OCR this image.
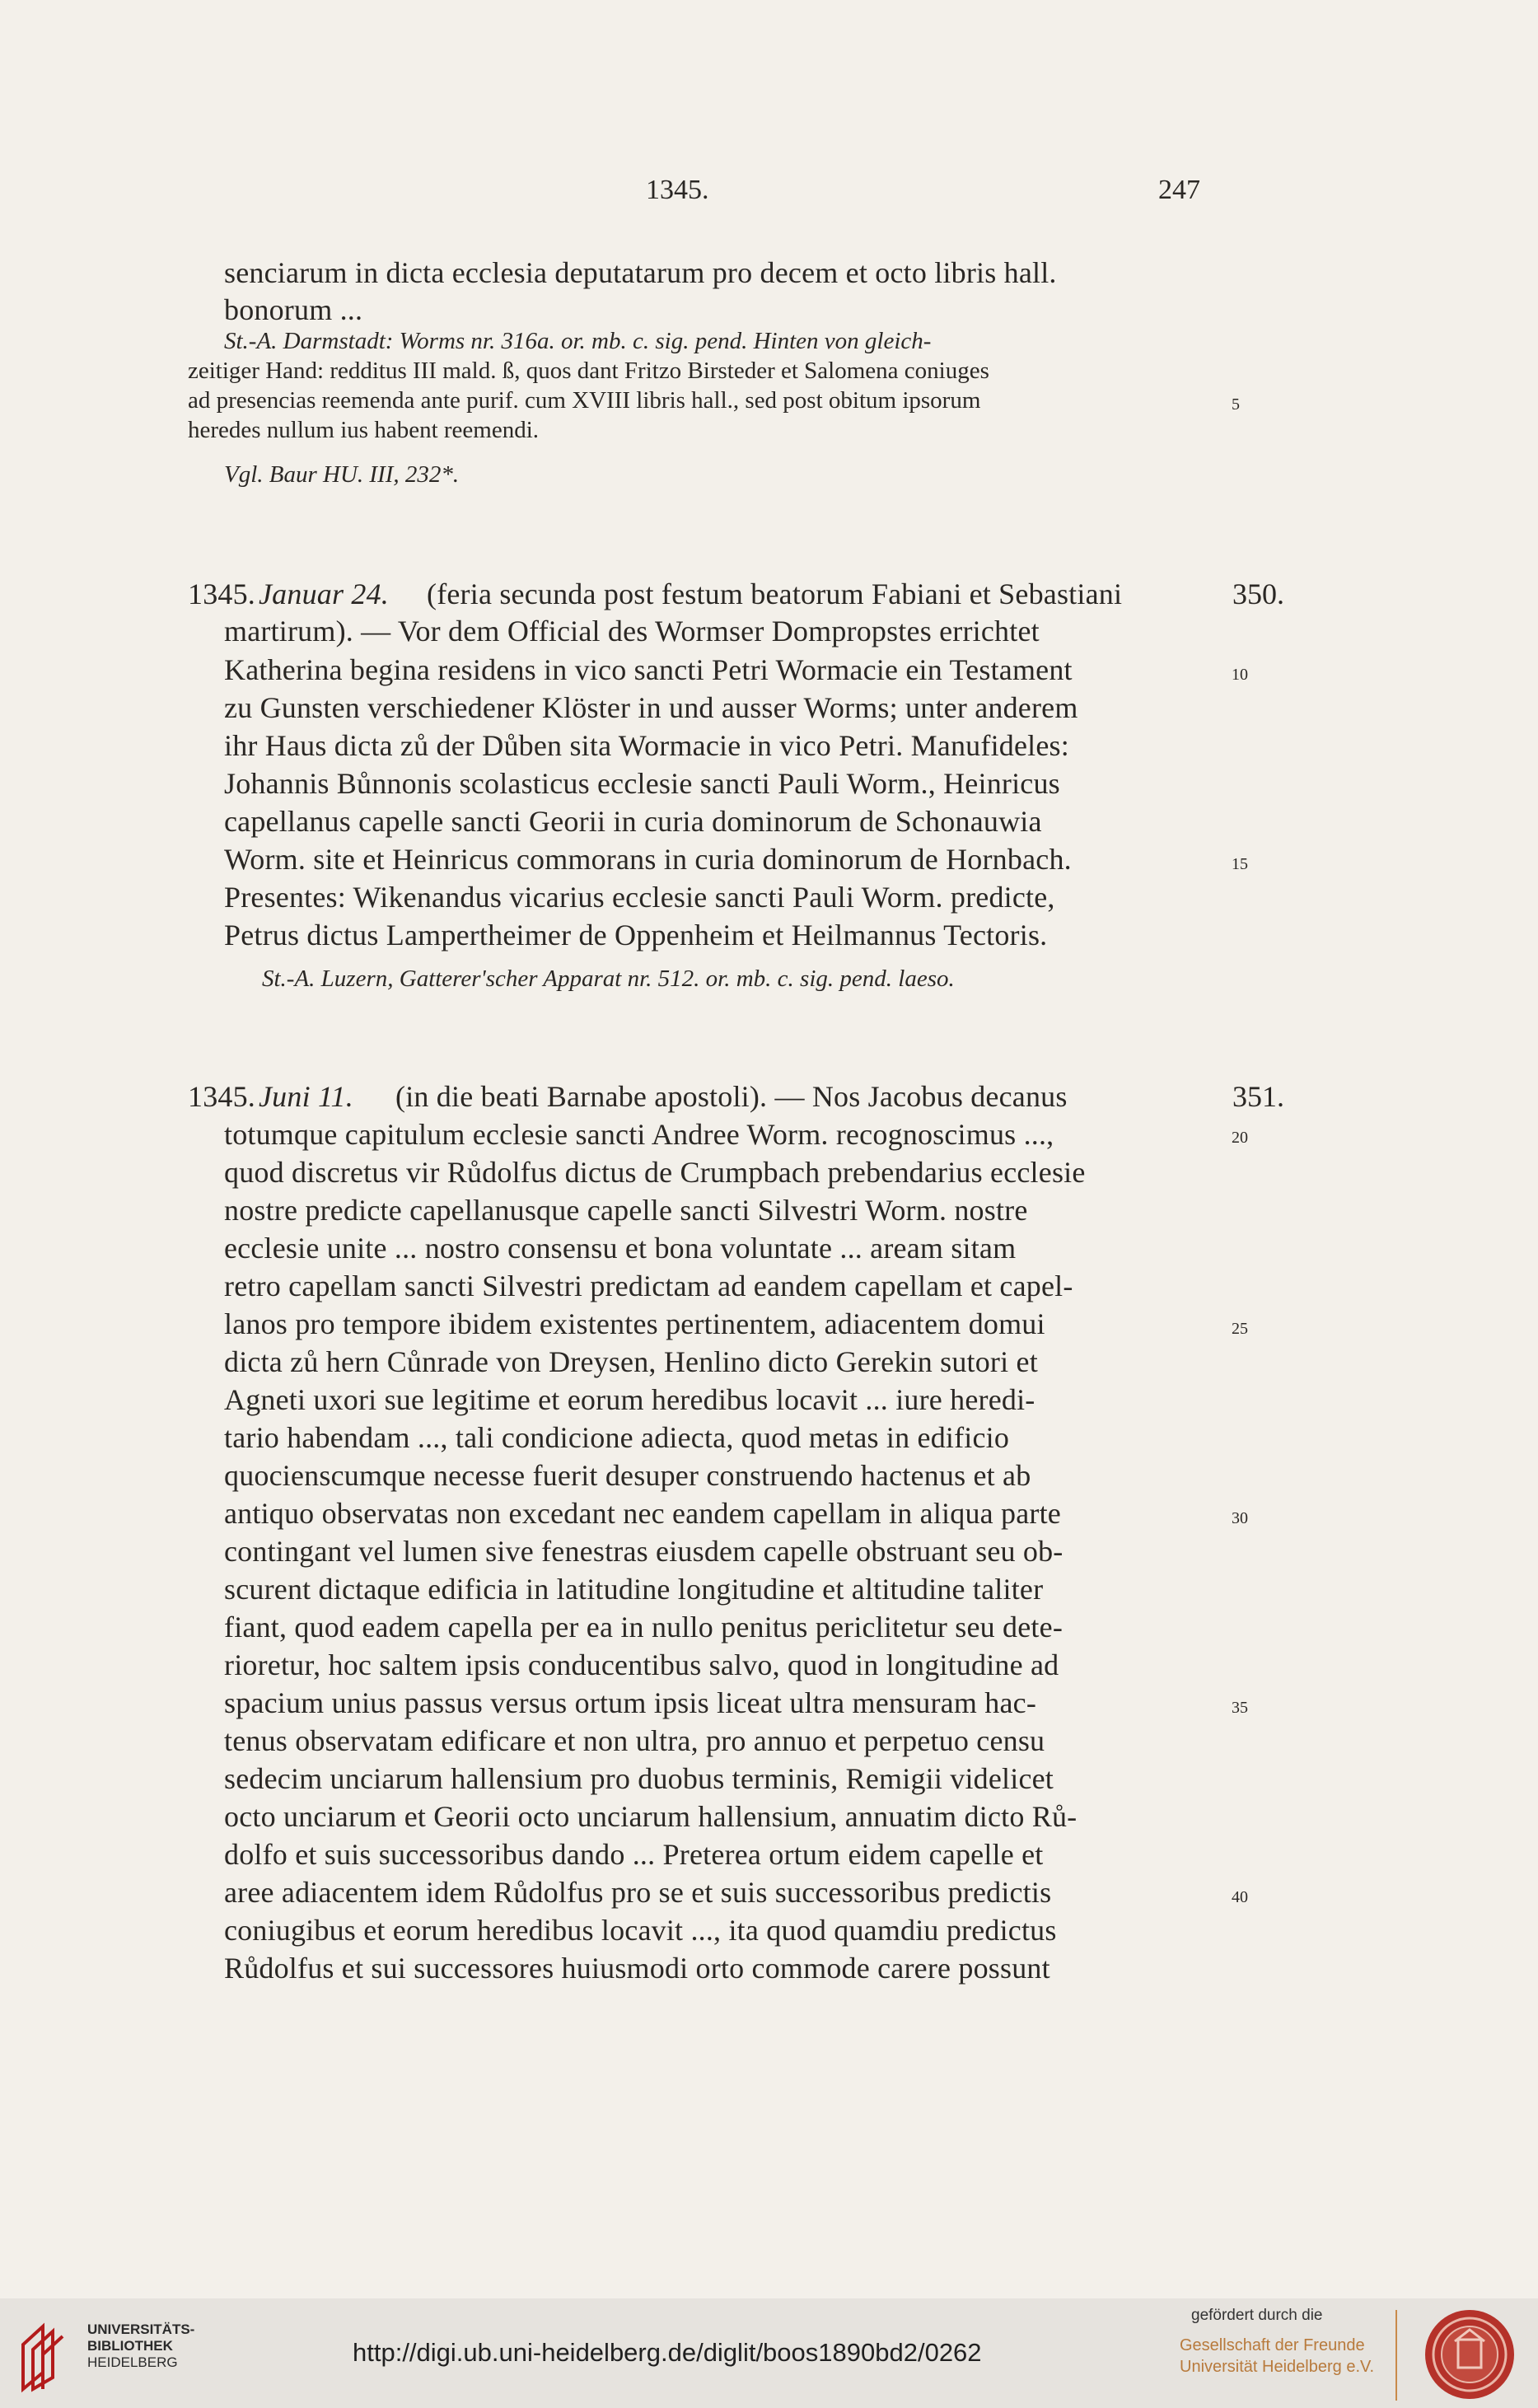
1345.	247
senciarum in dicta ecclesia deputatarum pro decem et octo libris hall.
bonorum ...
St.-A. Darmstadt: Worms nr. 316a. or. mb. c. sig. pend. Hinten von gleich-
zeitiger Hand: redditus III mald. ß, quos dant Fritzo Birsteder et Salomena coniuges
ad presencias reemenda ante purif. cum XVIII libris hall., sed post obitum ipsorum	5
heredes nullum ius habent reemendi.
Vgl. Baur HU. III, 232*.
1345. Januar 24. (feria secunda post festum beatorum Fabiani et Sebastiani	350.
martirum). — Vor dem Official des Wormser Dompropstes errichtet
Katherina begina residens in vico sancti Petri Wormacie ein Testament	10
zu Gunsten verschiedener Klöster in und ausser Worms; unter anderem
ihr Haus dicta zů der Důben sita Wormacie in vico Petri. Manufideles:
Johannis Bůnnonis scolasticus ecclesie sancti Pauli Worm., Heinricus
capellanus capelle sancti Georii in curia dominorum de Schonauwia
Worm. site et Heinricus commorans in curia dominorum de Hornbach.	15
Presentes: Wikenandus vicarius ecclesie sancti Pauli Worm. predicte,
Petrus dictus Lampertheimer de Oppenheim et Heilmannus Tectoris.
St.-A. Luzern, Gatterer'scher Apparat nr. 512. or. mb. c. sig. pend. laeso.
1345. Juni 11. (in die beati Barnabe apostoli). — Nos Jacobus decanus	351.
totumque capitulum ecclesie sancti Andree Worm. recognoscimus ...,	20
quod discretus vir Růdolfus dictus de Crumpbach prebendarius ecclesie
nostre predicte capellanusque capelle sancti Silvestri Worm. nostre
ecclesie unite ... nostro consensu et bona voluntate ... aream sitam
retro capellam sancti Silvestri predictam ad eandem capellam et capel-
lanos pro tempore ibidem existentes pertinentem, adiacentem domui	25
dicta zů hern Cůnrade von Dreysen, Henlino dicto Gerekin sutori et
Agneti uxori sue legitime et eorum heredibus locavit ... iure heredi-
tario habendam ..., tali condicione adiecta, quod metas in edificio
quocienscumque necesse fuerit desuper construendo hactenus et ab
antiquo observatas non excedant nec eandem capellam in aliqua parte	30
contingant vel lumen sive fenestras eiusdem capelle obstruant seu ob-
scurent dictaque edificia in latitudine longitudine et altitudine taliter
fiant, quod eadem capella per ea in nullo penitus periclitetur seu dete-
rioretur, hoc saltem ipsis conducentibus salvo, quod in longitudine ad
spacium unius passus versus ortum ipsis liceat ultra mensuram hac-	35
tenus observatam edificare et non ultra, pro annuo et perpetuo censu
sedecim unciarum hallensium pro duobus terminis, Remigii videlicet
octo unciarum et Georii octo unciarum hallensium, annuatim dicto Rů-
dolfo et suis successoribus dando ... Preterea ortum eidem capelle et
aree adiacentem idem Růdolfus pro se et suis successoribus predictis	40
coniugibus et eorum heredibus locavit ..., ita quod quamdiu predictus
Růdolfus et sui successores huiusmodi orto commode carere possunt
UNIVERSITÄTS-
BIBLIOTHEK
HEIDELBERG	http://digi.ub.uni-heidelberg.de/diglit/boos1890bd2/0262
gefördert durch die
Gesellschaft der Freunde
Universität Heidelberg e.V.
